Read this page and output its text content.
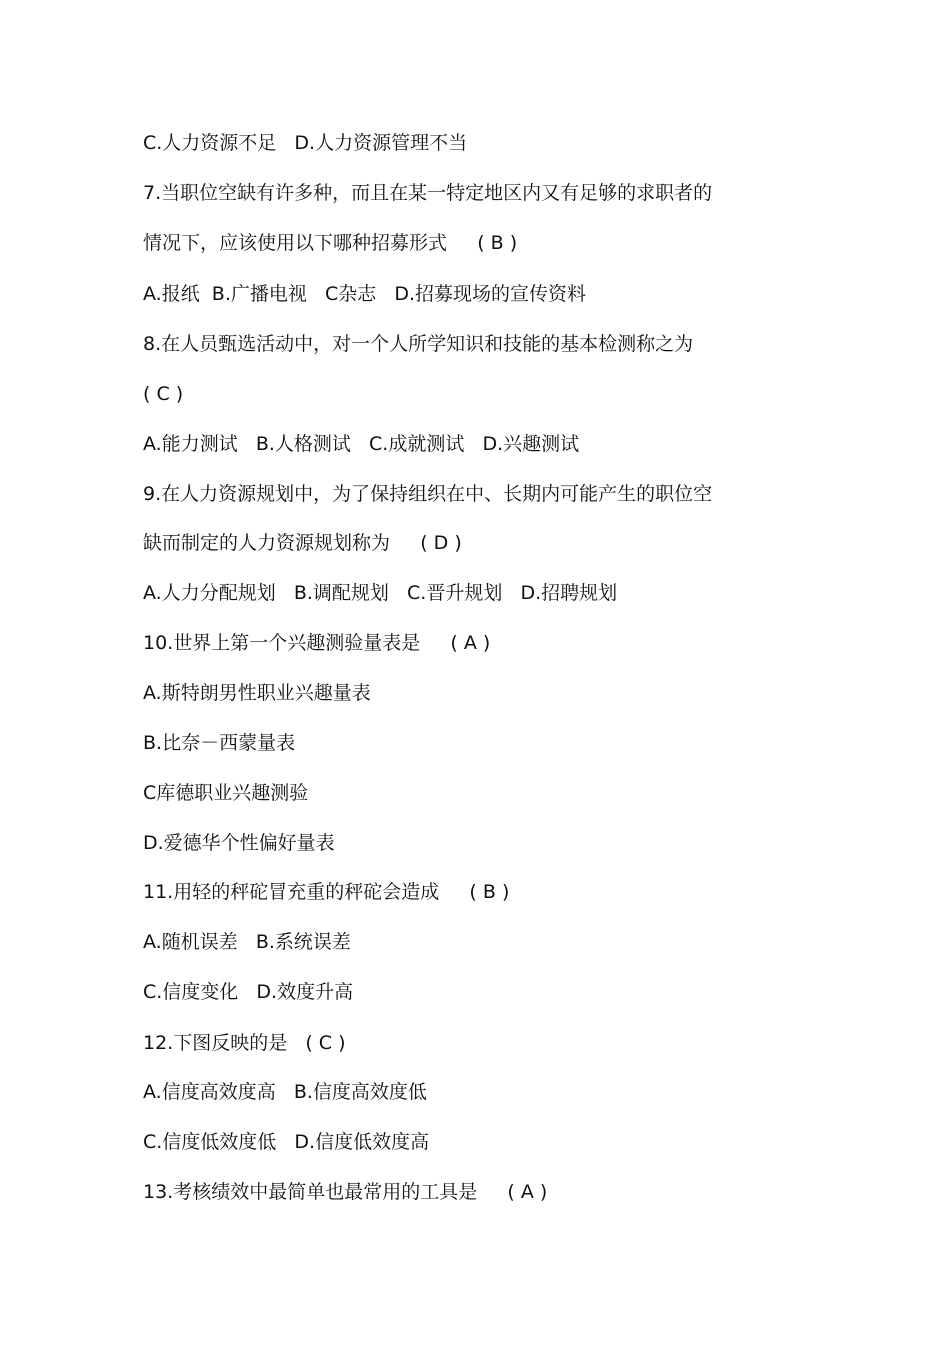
C.人力资源不足   D.人力资源管理不当
7.当职位空缺有许多种，而且在某一特定地区内又有足够的求职者的
情况下，应该使用以下哪种招募形式     ( B )
A.报纸  B.广播电视   C杂志   D.招募现场的宣传资料
8.在人员甄选活动中，对一个人所学知识和技能的基本检测称之为
( C )
A.能力测试   B.人格测试   C.成就测试   D.兴趣测试
9.在人力资源规划中，为了保持组织在中、长期内可能产生的职位空
缺而制定的人力资源规划称为     ( D )
A.人力分配规划   B.调配规划   C.晋升规划   D.招聘规划
10.世界上第一个兴趣测验量表是     ( A )
A.斯特朗男性职业兴趣量表
B.比奈－西蒙量表
C库德职业兴趣测验
D.爱德华个性偏好量表
11.用轻的秤砣冒充重的秤砣会造成     ( B )
A.随机误差   B.系统误差
C.信度变化   D.效度升高
12.下图反映的是   ( C )
A.信度高效度高   B.信度高效度低
C.信度低效度低   D.信度低效度高
13.考核绩效中最简单也最常用的工具是     ( A )
